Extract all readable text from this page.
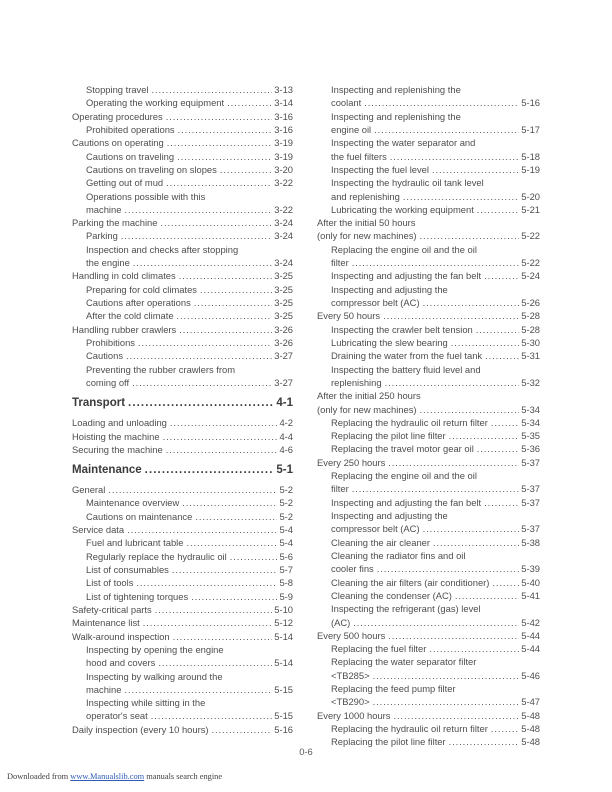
Stopping travel .....	3-13
Operating the working equipment .....	3-14
Operating procedures .....	3-16
Prohibited operations .....	3-16
Cautions on operating .....	3-19
Cautions on traveling .....	3-19
Cautions on traveling on slopes .....	3-20
Getting out of mud .....	3-22
Operations possible with this
machine .....	3-22
Parking the machine .....	3-24
Parking .....	3-24
Inspection and checks after stopping
the engine .....	3-24
Handling in cold climates .....	3-25
Preparing for cold climates .....	3-25
Cautions after operations .....	3-25
After the cold climate .....	3-25
Handling rubber crawlers .....	3-26
Prohibitions .....	3-26
Cautions .....	3-27
Preventing the rubber crawlers from
coming off .....	3-27
Transport .....	4-1
Loading and unloading .....	4-2
Hoisting the machine .....	4-4
Securing the machine .....	4-6
Maintenance .....	5-1
General .....	5-2
Maintenance overview .....	5-2
Cautions on maintenance .....	5-2
Service data .....	5-4
Fuel and lubricant table .....	5-4
Regularly replace the hydraulic oil .....	5-6
List of consumables .....	5-7
List of tools .....	5-8
List of tightening torques .....	5-9
Safety-critical parts .....	5-10
Maintenance list .....	5-12
Walk-around inspection .....	5-14
Inspecting by opening the engine
hood and covers .....	5-14
Inspecting by walking around the
machine .....	5-15
Inspecting while sitting in the
operator's seat .....	5-15
Daily inspection (every 10 hours) .....	5-16
Inspecting and replenishing the
coolant .....	5-16
Inspecting and replenishing the
engine oil .....	5-17
Inspecting the water separator and
the fuel filters .....	5-18
Inspecting the fuel level .....	5-19
Inspecting the hydraulic oil tank level
and replenishing .....	5-20
Lubricating the working equipment .....	5-21
After the initial 50 hours
(only for new machines) .....	5-22
Replacing the engine oil and the oil
filter .....	5-22
Inspecting and adjusting the fan belt .....	5-24
Inspecting and adjusting the
compressor belt (AC) .....	5-26
Every 50 hours .....	5-28
Inspecting the crawler belt tension .....	5-28
Lubricating the slew bearing .....	5-30
Draining the water from the fuel tank .....	5-31
Inspecting the battery fluid level and
replenishing .....	5-32
After the initial 250 hours
(only for new machines) .....	5-34
Replacing the hydraulic oil return filter .....	5-34
Replacing the pilot line filter .....	5-35
Replacing the travel motor gear oil .....	5-36
Every 250 hours .....	5-37
Replacing the engine oil and the oil
filter .....	5-37
Inspecting and adjusting the fan belt .....	5-37
Inspecting and adjusting the
compressor belt (AC) .....	5-37
Cleaning the air cleaner .....	5-38
Cleaning the radiator fins and oil
cooler fins .....	5-39
Cleaning the air filters (air conditioner) .....	5-40
Cleaning the condenser (AC) .....	5-41
Inspecting the refrigerant (gas) level
(AC) .....	5-42
Every 500 hours .....	5-44
Replacing the fuel filter .....	5-44
Replacing the water separator filter
<TB285> .....	5-46
Replacing the feed pump filter
<TB290> .....	5-47
Every 1000 hours .....	5-48
Replacing the hydraulic oil return filter .....	5-48
Replacing the pilot line filter .....	5-48
0-6
Downloaded from www.Manualslib.com manuals search engine
